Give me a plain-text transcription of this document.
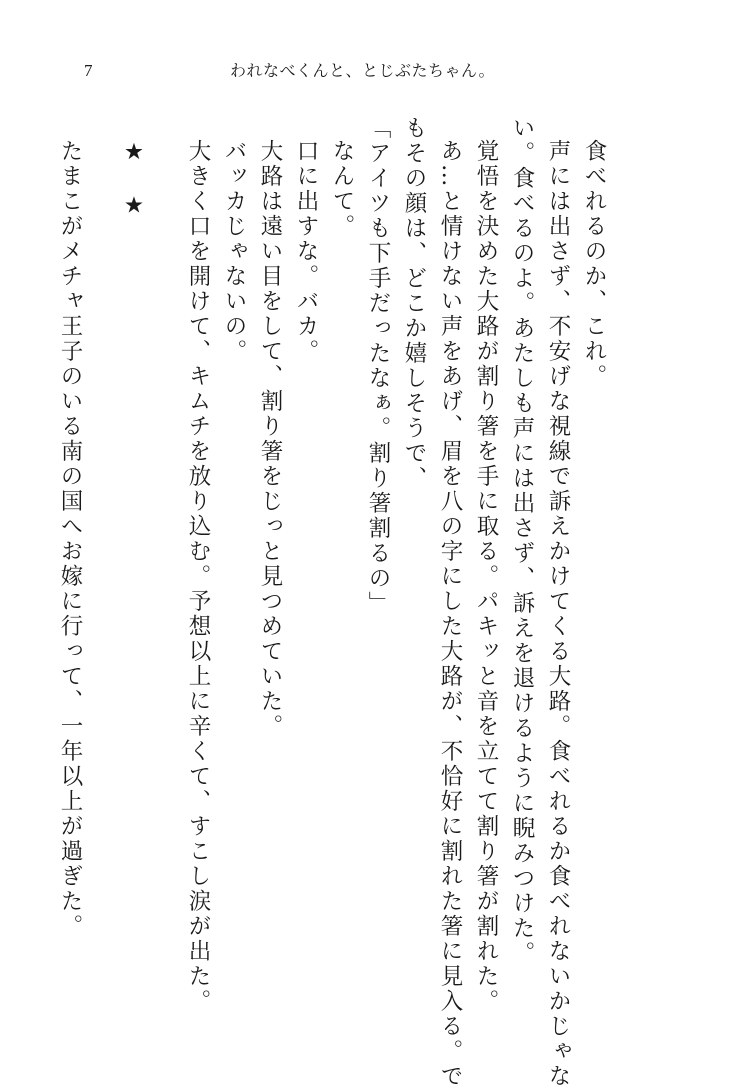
7	われなべくんと、とじぶたちゃん。
食べれるのか、これ。
声には出さず、不安げな視線で訴えかけてくる大路。食べれるか食べれないかじゃな
い。食べるのよ。あたしも声には出さず、訴えを退けるように睨みつけた。
覚悟を決めた大路が割り箸を手に取る。パキッと音を立てて割り箸が割れた。
あ…と情けない声をあげ、眉を八の字にした大路が、不恰好に割れた箸に見入る。で
もその顔は、どこか嬉しそうで、
「アイツも下手だったなぁ。割り箸割るの」
なんて。
口に出すな。バカ。
大路は遠い目をして、割り箸をじっと見つめていた。
バッカじゃないの。
大きく口を開けて、キムチを放り込む。予想以上に辛くて、すこし涙が出た。
★　★
たまこがメチャ王子のいる南の国へお嫁に行って、一年以上が過ぎた。
